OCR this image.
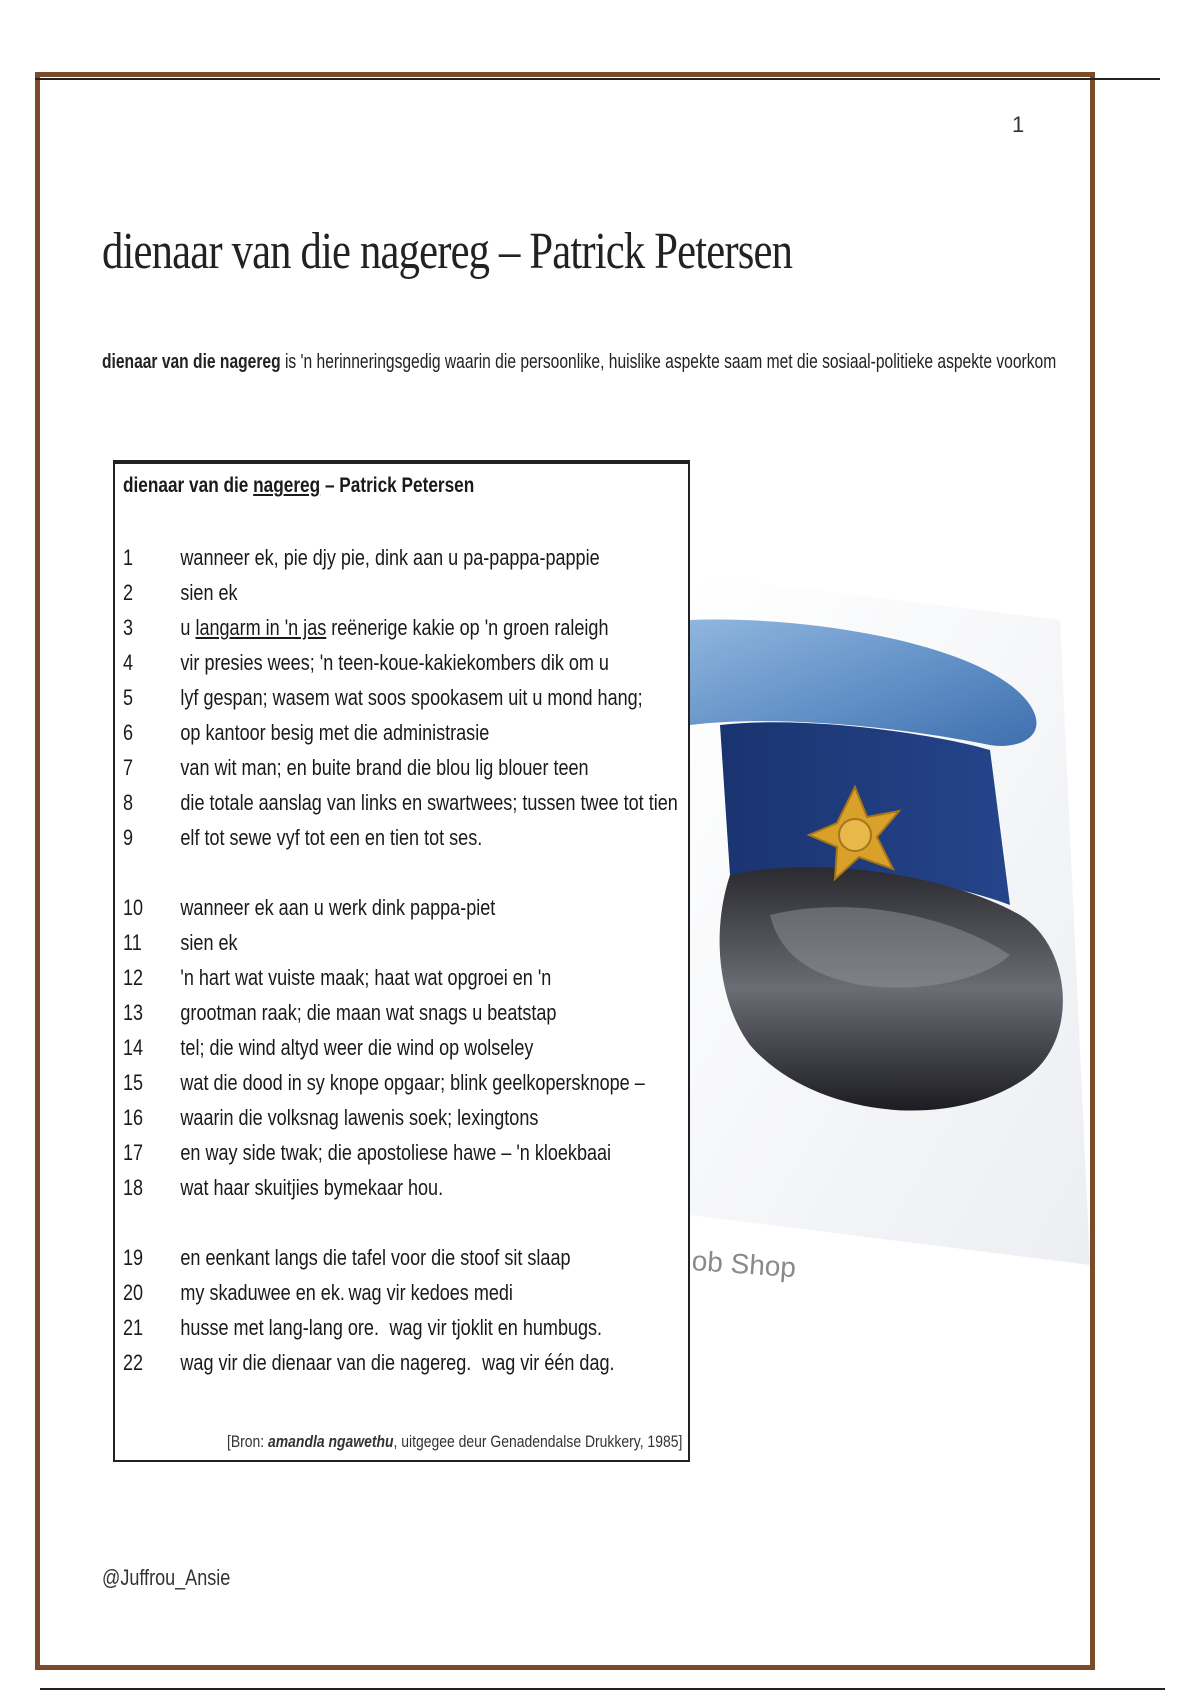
1
dienaar van die nagereg – Patrick Petersen
dienaar van die nagereg is 'n herinneringsgedig waarin die persoonlike, huislike aspekte saam met die sosiaal-politieke aspekte voorkom
dienaar van die nagereg – Patrick Petersen
1	wanneer ek, pie djy pie, dink aan u pa-pappa-pappie
2	sien ek
3	u langarm in 'n jas reënerige kakie op 'n groen raleigh
4	vir presies wees; 'n teen-koue-kakiekombers dik om u
5	lyf gespan; wasem wat soos spookasem uit u mond hang;
6	op kantoor besig met die administrasie
7	van wit man; en buite brand die blou lig blouer teen
8	die totale aanslag van links en swartwees; tussen twee tot tien
9	elf tot sewe vyf tot een en tien tot ses.
10	wanneer ek aan u werk dink pappa-piet
11	sien ek
12	'n hart wat vuiste maak; haat wat opgroei en 'n
13	grootman raak; die maan wat snags u beatstap
14	tel; die wind altyd weer die wind op wolseley
15	wat die dood in sy knope opgaar; blink geelkopersknope –
16	waarin die volksnag lawenis soek; lexingtons
17	en way side twak; die apostoliese hawe – 'n kloekbaai
18	wat haar skuitjies bymekaar hou.
19	en eenkant langs die tafel voor die stoof sit slaap
20	my skaduwee en ek. wag vir kedoes medi
21	husse met lang-lang ore. wag vir tjoklit en humbugs.
22	wag vir die dienaar van die nagereg. wag vir één dag.
[Bron: amandla ngawethu, uitgegee deur Genadendalse Drukkery, 1985]
ob Shop
@Juffrou_Ansie
